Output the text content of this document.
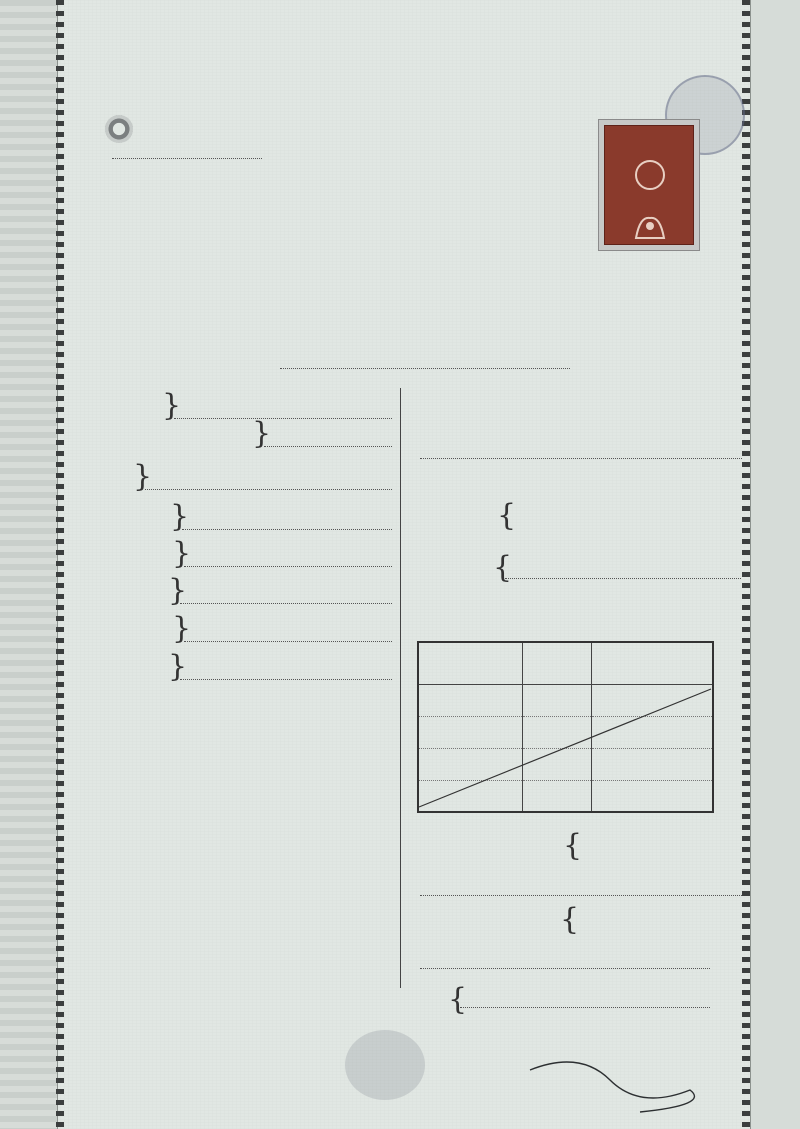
}
}
}
}
}
}
}
}
{
{

{
{
{
